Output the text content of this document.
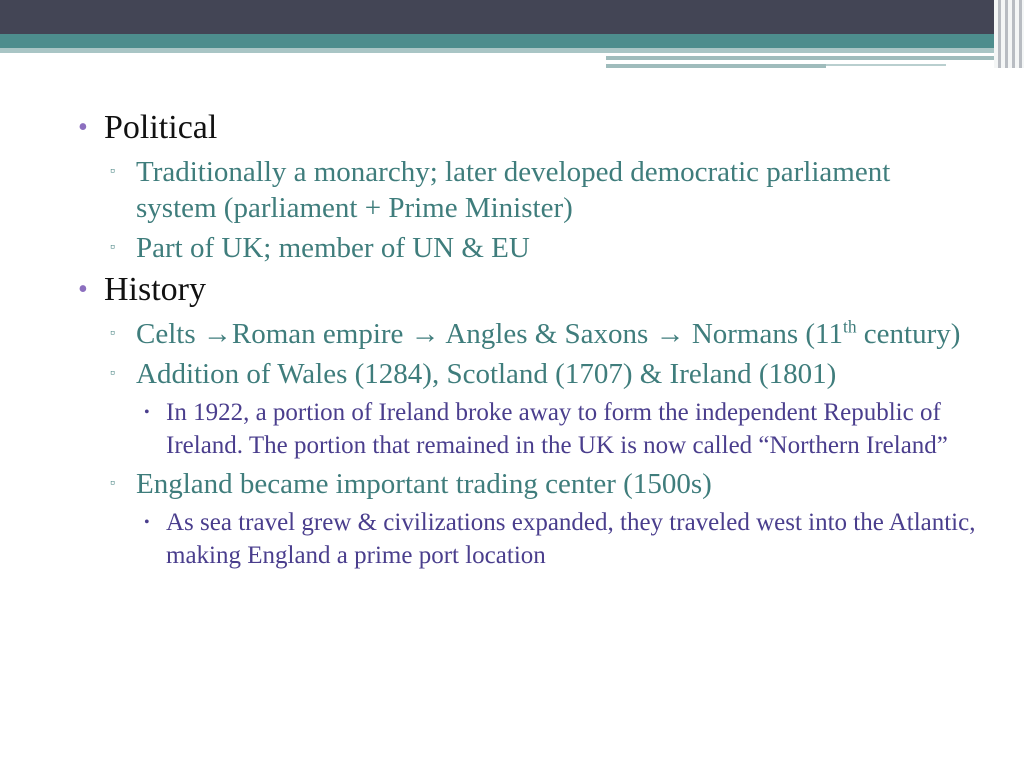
• Political
▫ Traditionally a monarchy; later developed democratic parliament system (parliament + Prime Minister)
▫ Part of UK; member of UN & EU
• History
▫ Celts →Roman empire → Angles & Saxons → Normans (11th century)
▫ Addition of Wales (1284), Scotland (1707) & Ireland (1801)
• In 1922, a portion of Ireland broke away to form the independent Republic of Ireland. The portion that remained in the UK is now called “Northern Ireland”
▫ England became important trading center (1500s)
• As sea travel grew & civilizations expanded, they traveled west into the Atlantic, making England a prime port location
